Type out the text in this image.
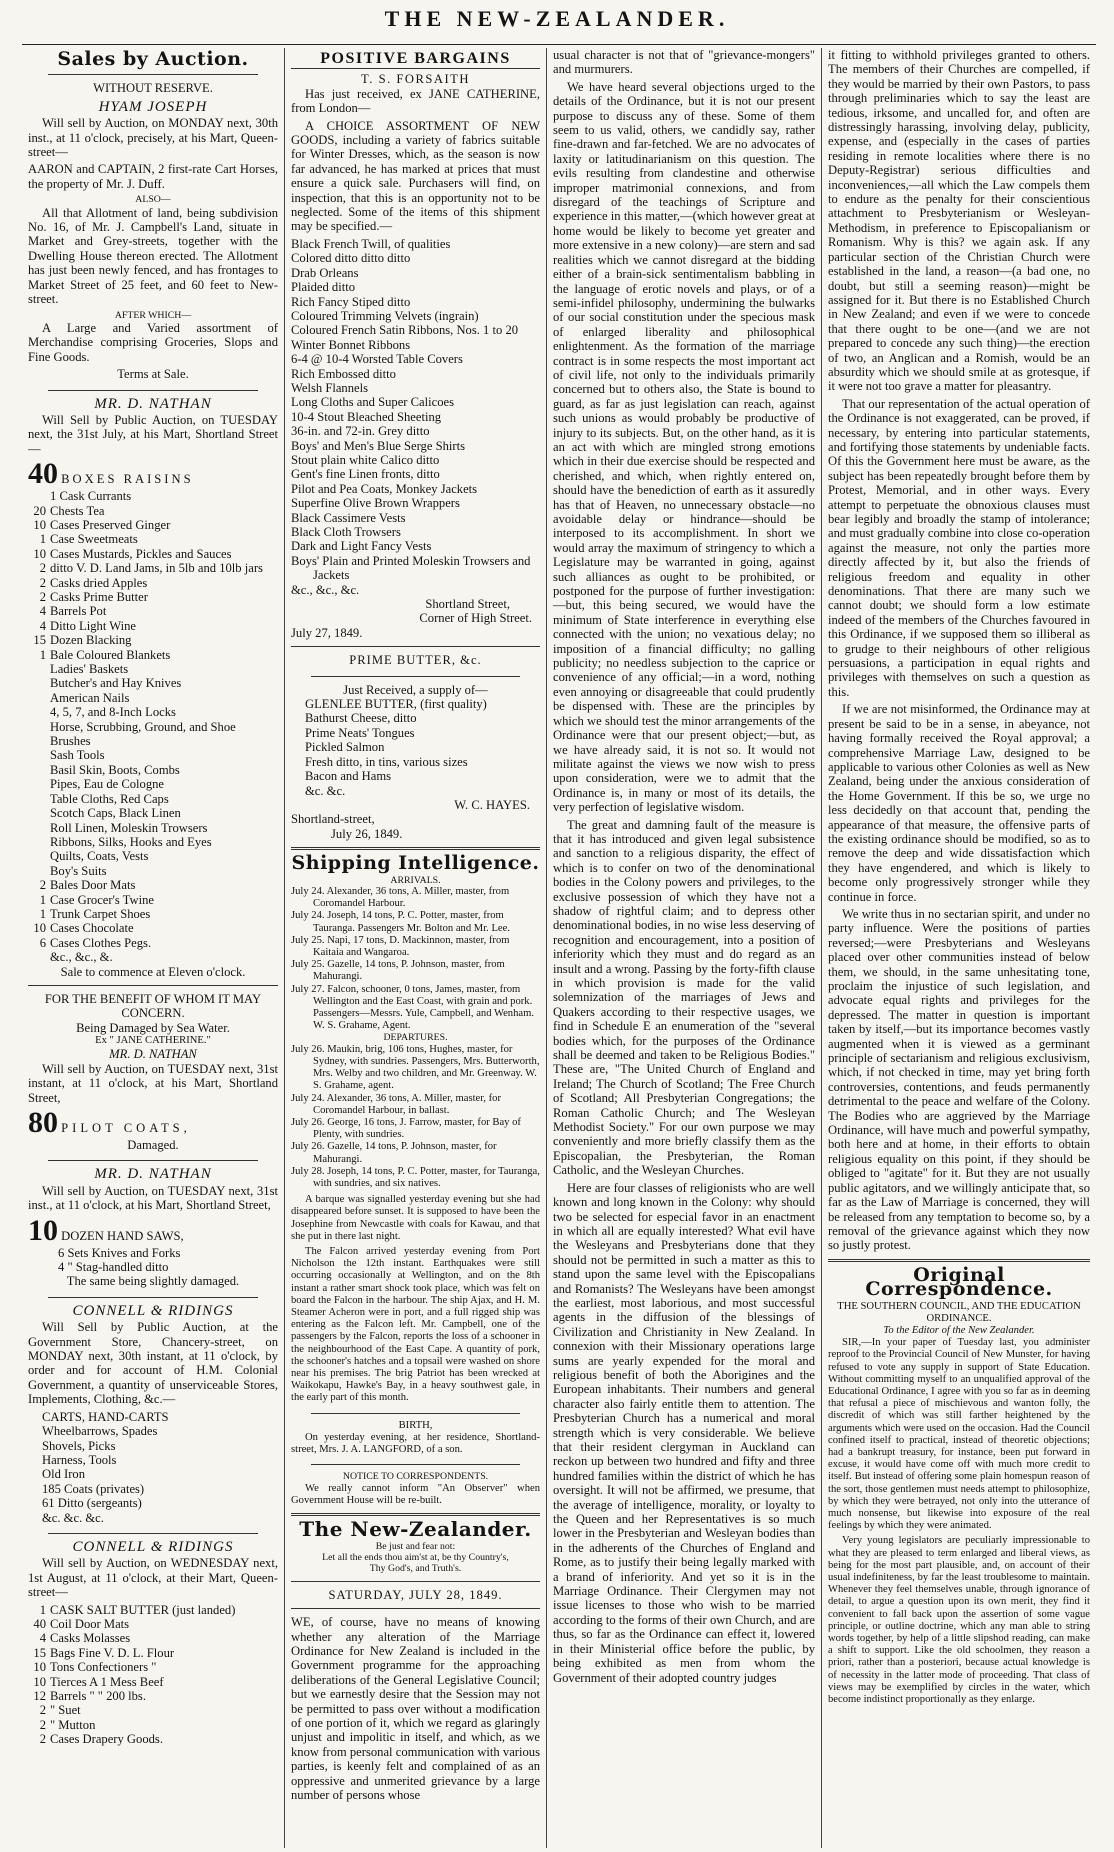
THE NEW-ZEALANDER.
Sales by Auction.
WITHOUT RESERVE.
HYAM JOSEPH

Will sell by Auction, on MONDAY next, 30th inst., at 11 o'clock, precisely, at his Mart, Queen-street—

AARON and CAPTAIN, 2 first-rate Cart Horses, the property of Mr. J. Duff.

ALSO—

All that Allotment of land, being subdivision No. 16, of Mr. J. Campbell's Land, situate in Market and Grey-streets, together with the Dwelling House thereon erected. The Allotment has just been newly fenced, and has frontages to Market Street of 25 feet, and 60 feet to New-street.

AFTER WHICH—

A Large and Varied assortment of Merchandise comprising Groceries, Slops and Fine Goods.

Terms at Sale.
MR. D. NATHAN

Will Sell by Public Auction, on TUESDAY next, the 31st July, at his Mart, Shortland Street—

40 BOXES RAISINS
1 Cask Currants
20 Chests Tea
10 Cases Preserved Ginger
1 Case Sweetmeats
10 Cases Mustards, Pickles and Sauces
2 ditto V. D. Land Jams, in 5lb and 10lb jars
2 Casks dried Apples
2 Casks Prime Butter
4 Barrels Pot
4 Ditto Light Wine
15 Dozen Blacking
1 Bale Coloured Blankets
Ladies' Baskets
Butcher's and Hay Knives
American Nails
4, 5, 7, and 8-Inch Locks
Horse, Scrubbing, Ground, and Shoe Brushes
Sash Tools
Basil Skin, Boots, Combs
Pipes, Eau de Cologne
Table Cloths, Red Caps
Scotch Caps, Black Linen
Roll Linen, Moleskin Trowsers
Ribbons, Silks, Hooks and Eyes
Quilts, Coats, Vests
Boy's Suits
2 Bales Door Mats
1 Case Grocer's Twine
1 Trunk Carpet Shoes
10 Cases Chocolate
6 Cases Clothes Pegs.
&c., &c., &.
Sale to commence at Eleven o'clock.
FOR THE BENEFIT OF WHOM IT MAY CONCERN.
Being Damaged by Sea Water.
Ex " JANE CATHERINE."
MR. D. NATHAN

Will sell by Auction, on TUESDAY next, 31st instant, at 11 o'clock, at his Mart, Shortland Street,

80 PILOT COATS,
Damaged.
MR. D. NATHAN

Will sell by Auction, on TUESDAY next, 31st inst., at 11 o'clock, at his Mart, Shortland Street,

10 DOZEN HAND SAWS,
6 Sets Knives and Forks
4 " Stag-handled ditto
The same being slightly damaged.
CONNELL & RIDINGS

Will Sell by Public Auction, at the Government Store, Chancery-street, on MONDAY next, 30th instant, at 11 o'clock, by order and for account of H.M. Colonial Government, a quantity of unserviceable Stores, Implements, Clothing, &c.—

CARTS, HAND-CARTS
Wheelbarrows, Spades
Shovels, Picks
Harness, Tools
Old Iron
185 Coats (privates)
61 Ditto (sergeants)
&c. &c. &c.
CONNELL & RIDINGS

Will sell by Auction, on WEDNESDAY next, 1st August, at 11 o'clock, at their Mart, Queen-street—

1 CASK SALT BUTTER (just landed)
40 Coil Door Mats
4 Casks Molasses
15 Bags Fine V. D. L. Flour
10 Tons Confectioners "
10 Tierces A 1 Mess Beef
12 Barrels " " 200 lbs.
2 " Suet
2 " Mutton
2 Cases Drapery Goods.
POSITIVE BARGAINS
T. S. FORSAITH

Has just received, ex JANE CATHERINE, from London—

A CHOICE ASSORTMENT OF NEW GOODS, including a variety of fabrics suitable for Winter Dresses, which, as the season is now far advanced, he has marked at prices that must ensure a quick sale. Purchasers will find, on inspection, that this is an opportunity not to be neglected. Some of the items of this shipment may be specified.—

Black French Twill, of qualities
Colored ditto ditto ditto
Drab Orleans
Plaided ditto
Rich Fancy Stiped ditto
Coloured Trimming Velvets (ingrain)
Coloured French Satin Ribbons, Nos. 1 to 20
Winter Bonnet Ribbons
6-4 @ 10-4 Worsted Table Covers
Rich Embossed ditto
Welsh Flannels
Long Cloths and Super Calicoes
10-4 Stout Bleached Sheeting
36-in. and 72-in. Grey ditto
Boys' and Men's Blue Serge Shirts
Stout plain white Calico ditto
Gent's fine Linen fronts, ditto
Pilot and Pea Coats, Monkey Jackets
Superfine Olive Brown Wrappers
Black Cassimere Vests
Black Cloth Trowsers
Dark and Light Fancy Vests
Boys' Plain and Printed Moleskin Trowsers and Jackets
&c., &c., &c.
Shortland Street,
Corner of High Street.
July 27, 1849.
PRIME BUTTER, &c.
Just Received, a supply of—
GLENLEE BUTTER, (first quality)
Bathurst Cheese, ditto
Prime Neats' Tongues
Pickled Salmon
Fresh ditto, in tins, various sizes
Bacon and Hams
&c. &c.
W. C. HAYES.
Shortland-street,
July 26, 1849.
Shipping Intelligence.
ARRIVALS.
July 24. Alexander, 36 tons, A. Miller, master, from Coromandel Harbour.
July 24. Joseph, 14 tons, P. C. Potter, master, from Tauranga. Passengers Mr. Bolton and Mr. Lee.
July 25. Napi, 17 tons, D. Mackinnon, master, from Kaitaia and Wangaroa.
July 25. Gazelle, 14 tons, P. Johnson, master, from Mahurangi.
July 27. Falcon, schooner, 0 tons, James, master, from Wellington and the East Coast, with grain and pork. Passengers—Messrs. Yule, Campbell, and Wenham. W. S. Grahame, Agent.
DEPARTURES.
July 26. Maukin, brig, 106 tons, Hughes, master, for Sydney, with sundries. Passengers, Mrs. Butterworth, Mrs. Welby and two children, and Mr. Greenway. W. S. Grahame, agent.
July 24. Alexander, 36 tons, A. Miller, master, for Coromandel Harbour, in ballast.
July 26. George, 16 tons, J. Farrow, master, for Bay of Plenty, with sundries.
July 26. Gazelle, 14 tons, P. Johnson, master, for Mahurangi.
July 28. Joseph, 14 tons, P. C. Potter, master, for Tauranga, with sundries, and six natives.

A barque was signalled yesterday evening but she had disappeared before sunset. It is supposed to have been the Josephine from Newcastle with coals for Kawau, and that she put in there last night.

The Falcon arrived yesterday evening from Port Nicholson the 12th instant. Earthquakes were still occurring occasionally at Wellington, and on the 8th instant a rather smart shock took place, which was felt on board the Falcon in the harbour. The ship Ajax, and H. M. Steamer Acheron were in port, and a full rigged ship was entering as the Falcon left. Mr. Campbell, one of the passengers by the Falcon, reports the loss of a schooner in the neighbourhood of the East Cape. A quantity of pork, the schooner's hatches and a topsail were washed on shore near his premises. The brig Patriot has been wrecked at Waikokapu, Hawke's Bay, in a heavy southwest gale, in the early part of this month.

BIRTH,

On yesterday evening, at her residence, Shortland-street, Mrs. J. A. LANGFORD, of a son.

NOTICE TO CORRESPONDENTS.

We really cannot inform "An Observer" when Government House will be re-built.

The New-Zealander.
Be just and fear not:
Let all the ends thou aim'st at, be thy Country's,
Thy God's, and Truth's.
SATURDAY, JULY 28, 1849.

WE, of course, have no means of knowing whether any alteration of the Marriage Ordinance for New Zealand is included in the Government programme for the approaching deliberations of the General Legislative Council; but we earnestly desire that the Session may not be permitted to pass over without a modification of one portion of it, which we regard as glaringly unjust and impolitic in itself, and which, as we know from personal communication with various parties, is keenly felt and complained of as an oppressive and unmerited grievance by a large number of persons whose

usual character is not that of "grievance-mongers" and murmurers.

We have heard several objections urged to the details of the Ordinance, but it is not our present purpose to discuss any of these. Some of them seem to us valid, others, we candidly say, rather fine-drawn and far-fetched. We are no advocates of laxity or latitudinarianism on this question. The evils resulting from clandestine and otherwise improper matrimonial connexions, and from disregard of the teachings of Scripture and experience in this matter,—(which however great at home would be likely to become yet greater and more extensive in a new colony)—are stern and sad realities which we cannot disregard at the bidding either of a brain-sick sentimentalism babbling in the language of erotic novels and plays, or of a semi-infidel philosophy, undermining the bulwarks of our social constitution under the specious mask of enlarged liberality and philosophical enlightenment. As the formation of the marriage contract is in some respects the most important act of civil life, not only to the individuals primarily concerned but to others also, the State is bound to guard, as far as just legislation can reach, against such unions as would probably be productive of injury to its subjects. But, on the other hand, as it is an act with which are mingled strong emotions which in their due exercise should be respected and cherished, and which, when rightly entered on, should have the benediction of earth as it assuredly has that of Heaven, no unnecessary obstacle—no avoidable delay or hindrance—should be interposed to its accomplishment. In short we would array the maximum of stringency to which a Legislature may be warranted in going, against such alliances as ought to be prohibited, or postponed for the purpose of further investigation:—but, this being secured, we would have the minimum of State interference in everything else connected with the union; no vexatious delay; no imposition of a financial difficulty; no galling publicity; no needless subjection to the caprice or convenience of any official;—in a word, nothing even annoying or disagreeable that could prudently be dispensed with. These are the principles by which we should test the minor arrangements of the Ordinance were that our present object;—but, as we have already said, it is not so. It would not militate against the views we now wish to press upon consideration, were we to admit that the Ordinance is, in many or most of its details, the very perfection of legislative wisdom.

The great and damning fault of the measure is that it has introduced and given legal subsistence and sanction to a religious disparity, the effect of which is to confer on two of the denominational bodies in the Colony powers and privileges, to the exclusive possession of which they have not a shadow of rightful claim; and to depress other denominational bodies, in no wise less deserving of recognition and encouragement, into a position of inferiority which they must and do regard as an insult and a wrong. Passing by the forty-fifth clause in which provision is made for the valid solemnization of the marriages of Jews and Quakers according to their respective usages, we find in Schedule E an enumeration of the "several bodies which, for the purposes of the Ordinance shall be deemed and taken to be Religious Bodies." These are, "The United Church of England and Ireland; The Church of Scotland; The Free Church of Scotland; All Presbyterian Congregations; the Roman Catholic Church; and The Wesleyan Methodist Society." For our own purpose we may conveniently and more briefly classify them as the Episcopalian, the Presbyterian, the Roman Catholic, and the Wesleyan Churches.

Here are four classes of religionists who are well known and long known in the Colony: why should two be selected for especial favor in an enactment in which all are equally interested? What evil have the Wesleyans and Presbyterians done that they should not be permitted in such a matter as this to stand upon the same level with the Episcopalians and Romanists? The Wesleyans have been amongst the earliest, most laborious, and most successful agents in the diffusion of the blessings of Civilization and Christianity in New Zealand. In connexion with their Missionary operations large sums are yearly expended for the moral and religious benefit of both the Aborigines and the European inhabitants. Their numbers and general character also fairly entitle them to attention. The Presbyterian Church has a numerical and moral strength which is very considerable. We believe that their resident clergyman in Auckland can reckon up between two hundred and fifty and three hundred families within the district of which he has oversight. It will not be affirmed, we presume, that the average of intelligence, morality, or loyalty to the Queen and her Representatives is so much lower in the Presbyterian and Wesleyan bodies than in the adherents of the Churches of England and Rome, as to justify their being legally marked with a brand of inferiority. And yet so it is in the Marriage Ordinance. Their Clergymen may not issue licenses to those who wish to be married according to the forms of their own Church, and are thus, so far as the Ordinance can effect it, lowered in their Ministerial office before the public, by being exhibited as men from whom the Government of their adopted country judges

it fitting to withhold privileges granted to others. The members of their Churches are compelled, if they would be married by their own Pastors, to pass through preliminaries which to say the least are tedious, irksome, and uncalled for, and often are distressingly harassing, involving delay, publicity, expense, and (especially in the cases of parties residing in remote localities where there is no Deputy-Registrar) serious difficulties and inconveniences,—all which the Law compels them to endure as the penalty for their conscientious attachment to Presbyterianism or Wesleyan-Methodism, in preference to Episcopalianism or Romanism. Why is this? we again ask. If any particular section of the Christian Church were established in the land, a reason—(a bad one, no doubt, but still a seeming reason)—might be assigned for it. But there is no Established Church in New Zealand; and even if we were to concede that there ought to be one—(and we are not prepared to concede any such thing)—the erection of two, an Anglican and a Romish, would be an absurdity which we should smile at as grotesque, if it were not too grave a matter for pleasantry.

That our representation of the actual operation of the Ordinance is not exaggerated, can be proved, if necessary, by entering into particular statements, and fortifying those statements by undeniable facts. Of this the Government here must be aware, as the subject has been repeatedly brought before them by Protest, Memorial, and in other ways. Every attempt to perpetuate the obnoxious clauses must bear legibly and broadly the stamp of intolerance; and must gradually combine into close co-operation against the measure, not only the parties more directly affected by it, but also the friends of religious freedom and equality in other denominations. That there are many such we cannot doubt; we should form a low estimate indeed of the members of the Churches favoured in this Ordinance, if we supposed them so illiberal as to grudge to their neighbours of other religious persuasions, a participation in equal rights and privileges with themselves on such a question as this.

If we are not misinformed, the Ordinance may at present be said to be in a sense, in abeyance, not having formally received the Royal approval; a comprehensive Marriage Law, designed to be applicable to various other Colonies as well as New Zealand, being under the anxious consideration of the Home Government. If this be so, we urge no less decidedly on that account that, pending the appearance of that measure, the offensive parts of the existing ordinance should be modified, so as to remove the deep and wide dissatisfaction which they have engendered, and which is likely to become only progressively stronger while they continue in force.

We write thus in no sectarian spirit, and under no party influence. Were the positions of parties reversed;—were Presbyterians and Wesleyans placed over other communities instead of below them, we should, in the same unhesitating tone, proclaim the injustice of such legislation, and advocate equal rights and privileges for the depressed. The matter in question is important taken by itself,—but its importance becomes vastly augmented when it is viewed as a germinant principle of sectarianism and religious exclusivism, which, if not checked in time, may yet bring forth controversies, contentions, and feuds permanently detrimental to the peace and welfare of the Colony. The Bodies who are aggrieved by the Marriage Ordinance, will have much and powerful sympathy, both here and at home, in their efforts to obtain religious equality on this point, if they should be obliged to "agitate" for it. But they are not usually public agitators, and we willingly anticipate that, so far as the Law of Marriage is concerned, they will be released from any temptation to become so, by a removal of the grievance against which they now so justly protest.

Original Correspondence.
THE SOUTHERN COUNCIL, AND THE EDUCATION ORDINANCE.
To the Editor of the New Zealander.

SIR,—In your paper of Tuesday last, you administer reproof to the Provincial Council of New Munster, for having refused to vote any supply in support of State Education. Without committing myself to an unqualified approval of the Educational Ordinance, I agree with you so far as in deeming that refusal a piece of mischievous and wanton folly, the discredit of which was still farther heightened by the arguments which were used on the occasion. Had the Council confined itself to practical, instead of theoretic objections; had a bankrupt treasury, for instance, been put forward in excuse, it would have come off with much more credit to itself. But instead of offering some plain homespun reason of the sort, those gentlemen must needs attempt to philosophize, by which they were betrayed, not only into the utterance of much nonsense, but likewise into exposure of the real feelings by which they were animated.

Very young legislators are peculiarly impressionable to what they are pleased to term enlarged and liberal views, as being for the most part plausible, and, on account of their usual indefiniteness, by far the least troublesome to maintain. Whenever they feel themselves unable, through ignorance of detail, to argue a question upon its own merit, they find it convenient to fall back upon the assertion of some vague principle, or outline doctrine, which any man able to string words together, by help of a little slipshod reading, can make a shift to support. Like the old schoolmen, they reason a priori, rather than a posteriori, because actual knowledge is of necessity in the latter mode of proceeding. That class of views may be exemplified by circles in the water, which become indistinct proportionally as they enlarge.
